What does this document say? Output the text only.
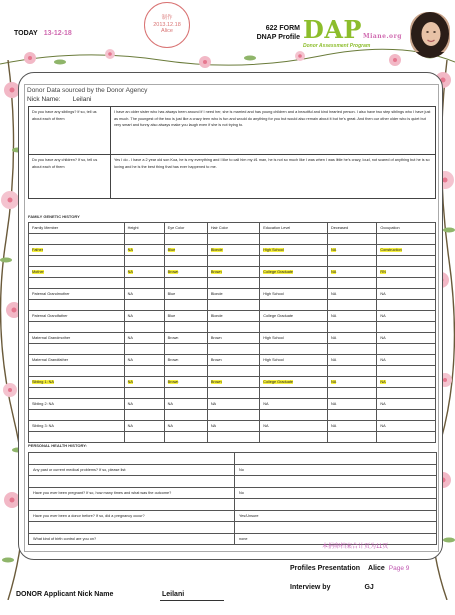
TODAY 13-12-18
制作
2013.12.18
Alice	622 FORM
DNAP Profile DAPMiane.org
Donor Assessment Program
Donor Data sourced by the Donor Agency
Nick Name: Leilani
Do you have any siblings? If so, tell us about each of them	I have an older sister who has always been around if I need her, she is married and has young children and a beautiful and kind hearted person. I also have two step siblings who I have just as much. The youngest of the two is just like a crazy teen who is fun and would do anything for you but would also remain about it but he's great. And then our other older who is quiet but very smart and funny also always make you laugh even if she is not trying to.
Do you have any children? If so, tell us about each of them	Yes I do - I have a 2 year old son Koa, he is my everything and I like to call him my #1 man, he is not so much like I was when I was little he's crazy, loud, not scared of anything but he is so loving and he is the best thing that has ever happened to me.
FAMILY GENETIC HISTORY
Family Member	Height	Eye Color	Hair Color	Education Level	Deceased	Occupation

Father	NA	Blue	Blonde	High School	NA	Construction

Mother	NA	Brown	Brown	College Graduate	NA	RN

Paternal Grandmother	NA	Blue	Blonde	High School	NA	NA

Paternal Grandfather	NA	Blue	Blonde	College Graduate	NA	NA

Maternal Grandmother	NA	Brown	Brown	High School	NA	NA

Maternal Grandfather	NA	Brown	Brown	High School	NA	NA

Sibling 1: NA	NA	Brown	Brown	College Graduate	NA	NA

Sibling 2: NA	NA	NA	NA	NA	NA	NA

Sibling 3: NA	NA	NA	NA	NA	NA	NA

PERSONAL HEALTH HISTORY:

Any past or current medical problems? If so, please list:	No

Have you ever been pregnant? If so, how many times and what was the outcome?	No

Have you ever been a donor before? If so, did a pregnancy occur?	Yes/Unsure

What kind of birth control are you on?	none
本捐卵档案合计页为11页
Profiles Presentation Alice Page 9
Interview by	GJ
DONOR Applicant Nick Name	Leilani
